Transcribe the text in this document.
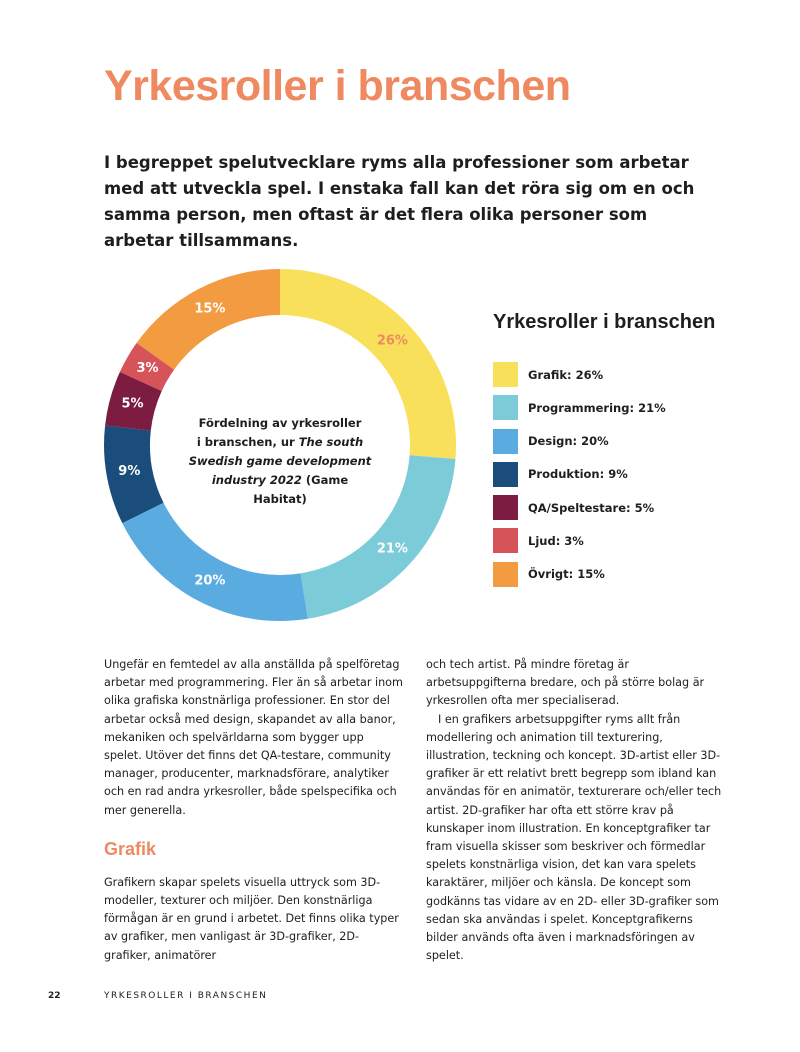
Yrkesroller i branschen

I begreppet spelutvecklare ryms alla professioner som arbetar med att utveckla spel. I enstaka fall kan det röra sig om en och samma person, men oftast är det flera olika personer som arbetar tillsammans.

26%
21%
20%
9%
5%
3%
15%
Fördelning av yrkesroller
i branschen, ur The south
Swedish game development
industry 2022 (Game Habitat)
Yrkesroller i branschen
Grafik: 26%
Programmering: 21%
Design: 20%
Produktion: 9%
QA/Speltestare: 5%
Ljud: 3%
Övrigt: 15%

Ungefär en femtedel av alla anställda på spelföretag arbetar med programmering. Fler än så arbetar inom olika grafiska konstnärliga professioner. En stor del arbetar också med design, skapandet av alla banor, mekaniken och spelvärldarna som bygger upp spelet. Utöver det finns det QA-testare, community manager, producenter, marknadsförare, analytiker och en rad andra yrkesroller, både spelspecifika och mer generella.

Grafik

Grafikern skapar spelets visuella uttryck som 3D-modeller, texturer och miljöer. Den konstnärliga förmågan är en grund i arbetet. Det finns olika typer av grafiker, men vanligast är 3D-grafiker, 2D-grafiker, animatörer

och tech artist. På mindre företag är arbetsuppgifterna bredare, och på större bolag är yrkesrollen ofta mer specialiserad.

I en grafikers arbetsuppgifter ryms allt från modellering och animation till texturering, illustration, teckning och koncept. 3D-artist eller 3D-grafiker är ett relativt brett begrepp som ibland kan användas för en animatör, texturerare och/eller tech artist. 2D-grafiker har ofta ett större krav på kunskaper inom illustration. En konceptgrafiker tar fram visuella skisser som beskriver och förmedlar spelets konstnärliga vision, det kan vara spelets karaktärer, miljöer och känsla. De koncept som godkänns tas vidare av en 2D- eller 3D-grafiker som sedan ska användas i spelet. Konceptgrafikerns bilder används ofta även i marknadsföringen av spelet.

22	YRKESROLLER I BRANSCHEN
